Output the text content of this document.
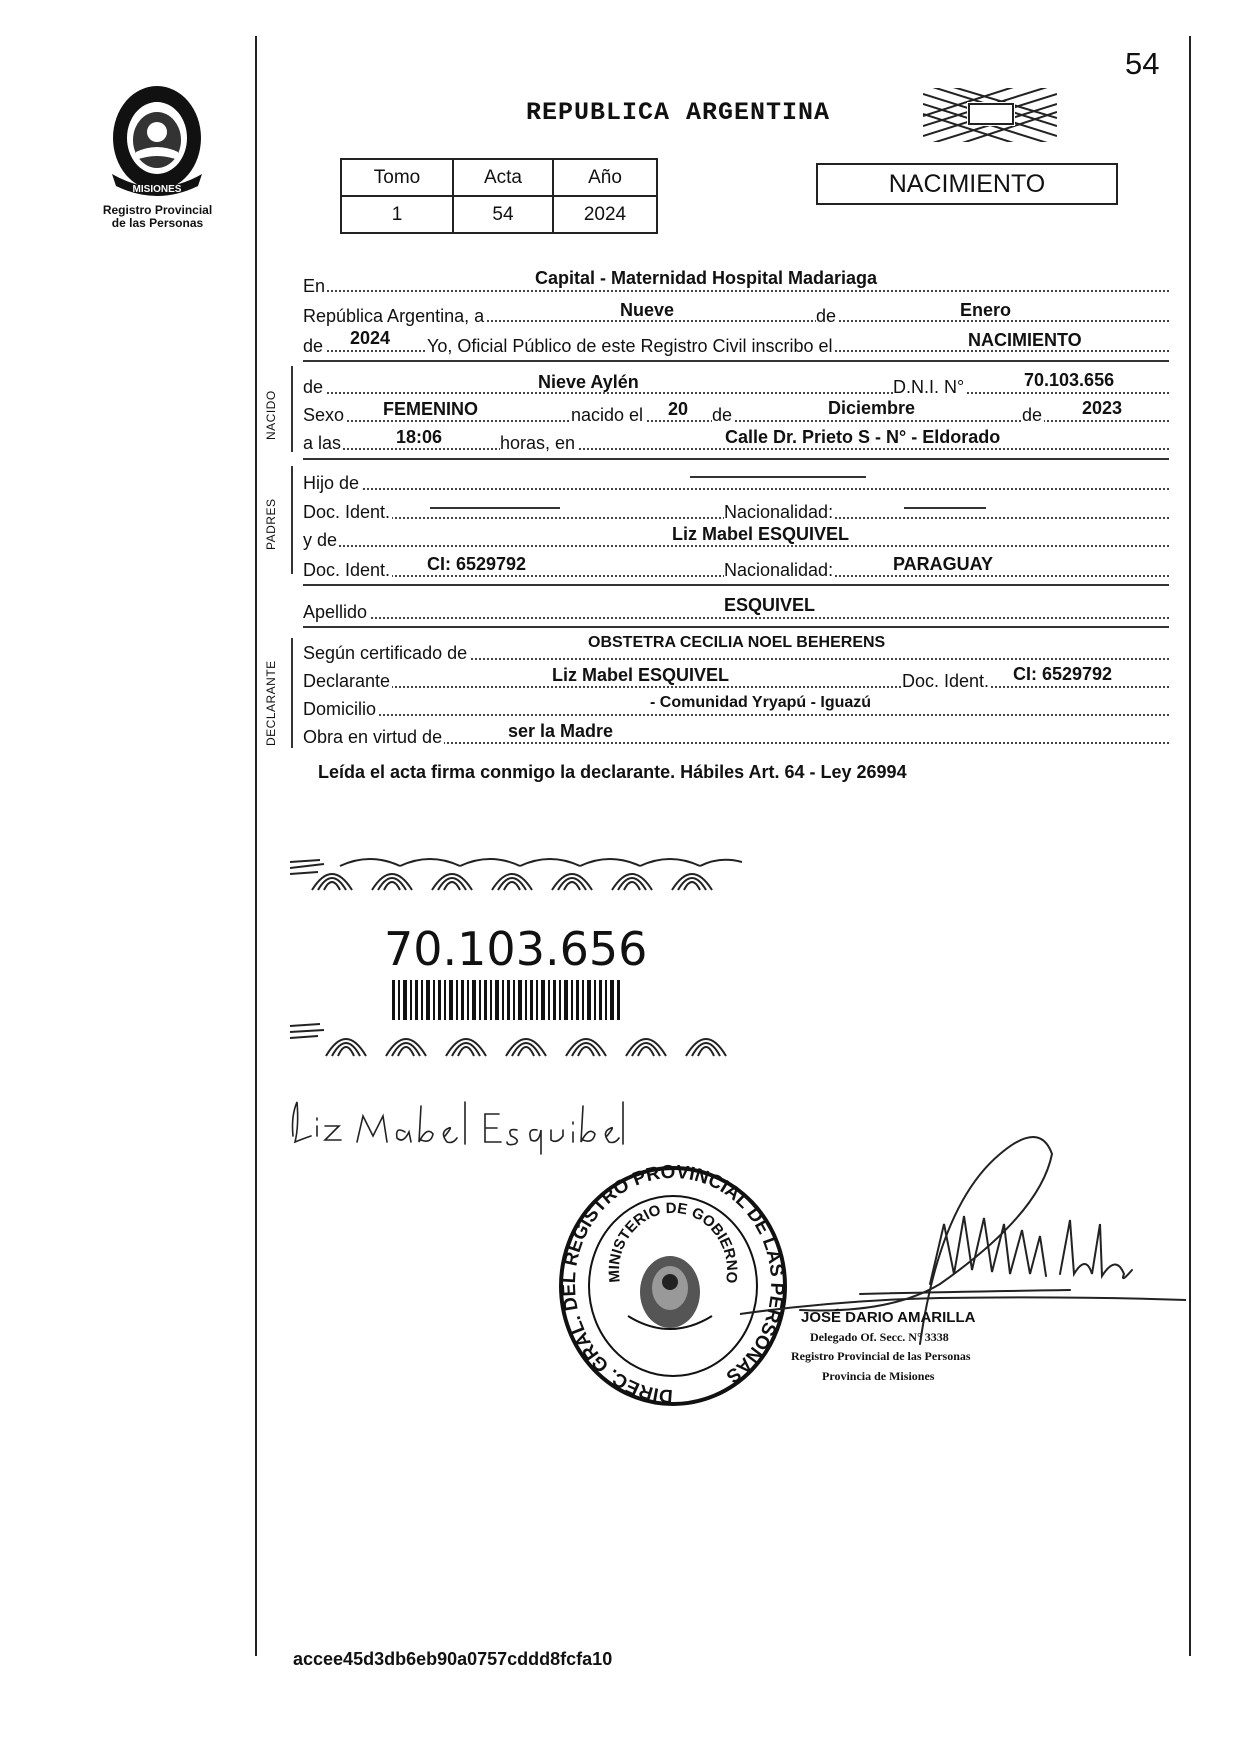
54
MISIONES
Registro Provincial
de las Personas
REPUBLICA ARGENTINA
Tomo	Acta	Año
1	54	2024
NACIMIENTO
En	Capital - Maternidad Hospital Madariaga
República Argentina, a	Nueve	de	Enero
de 2024 Yo, Oficial Público de este Registro Civil inscribo el	NACIMIENTO
NACIDO
de	Nieve Aylén	D.N.I. N°	70.103.656
Sexo FEMENINO	nacido el 20 de	Diciembre	de 2023
a las	18:06	horas, en	Calle Dr. Prieto S - N° - Eldorado
PADRES
Hijo de
Doc. Ident.	Nacionalidad:
y de	Liz Mabel ESQUIVEL
Doc. Ident. CI: 6529792	Nacionalidad:	PARAGUAY
Apellido	ESQUIVEL
DECLARANTE
Según certificado de
OBSTETRA CECILIA NOEL BEHERENS
Declarante	Liz Mabel ESQUIVEL	Doc. Ident. CI: 6529792
Domicilio	- Comunidad Yryapú - Iguazú
Obra en virtud de	ser la Madre
Leída el acta firma conmigo la declarante. Hábiles Art. 64 - Ley 26994
70.103.656
DIREC. GRAL. DEL REGISTRO PROVINCIAL DE LAS PERSONAS
MINISTERIO DE GOBIERNO
JOSÉ DARIO AMARILLA
Delegado Of. Secc. N° 3338
Registro Provincial de las Personas
Provincia de Misiones
accee45d3db6eb90a0757cddd8fcfa10
